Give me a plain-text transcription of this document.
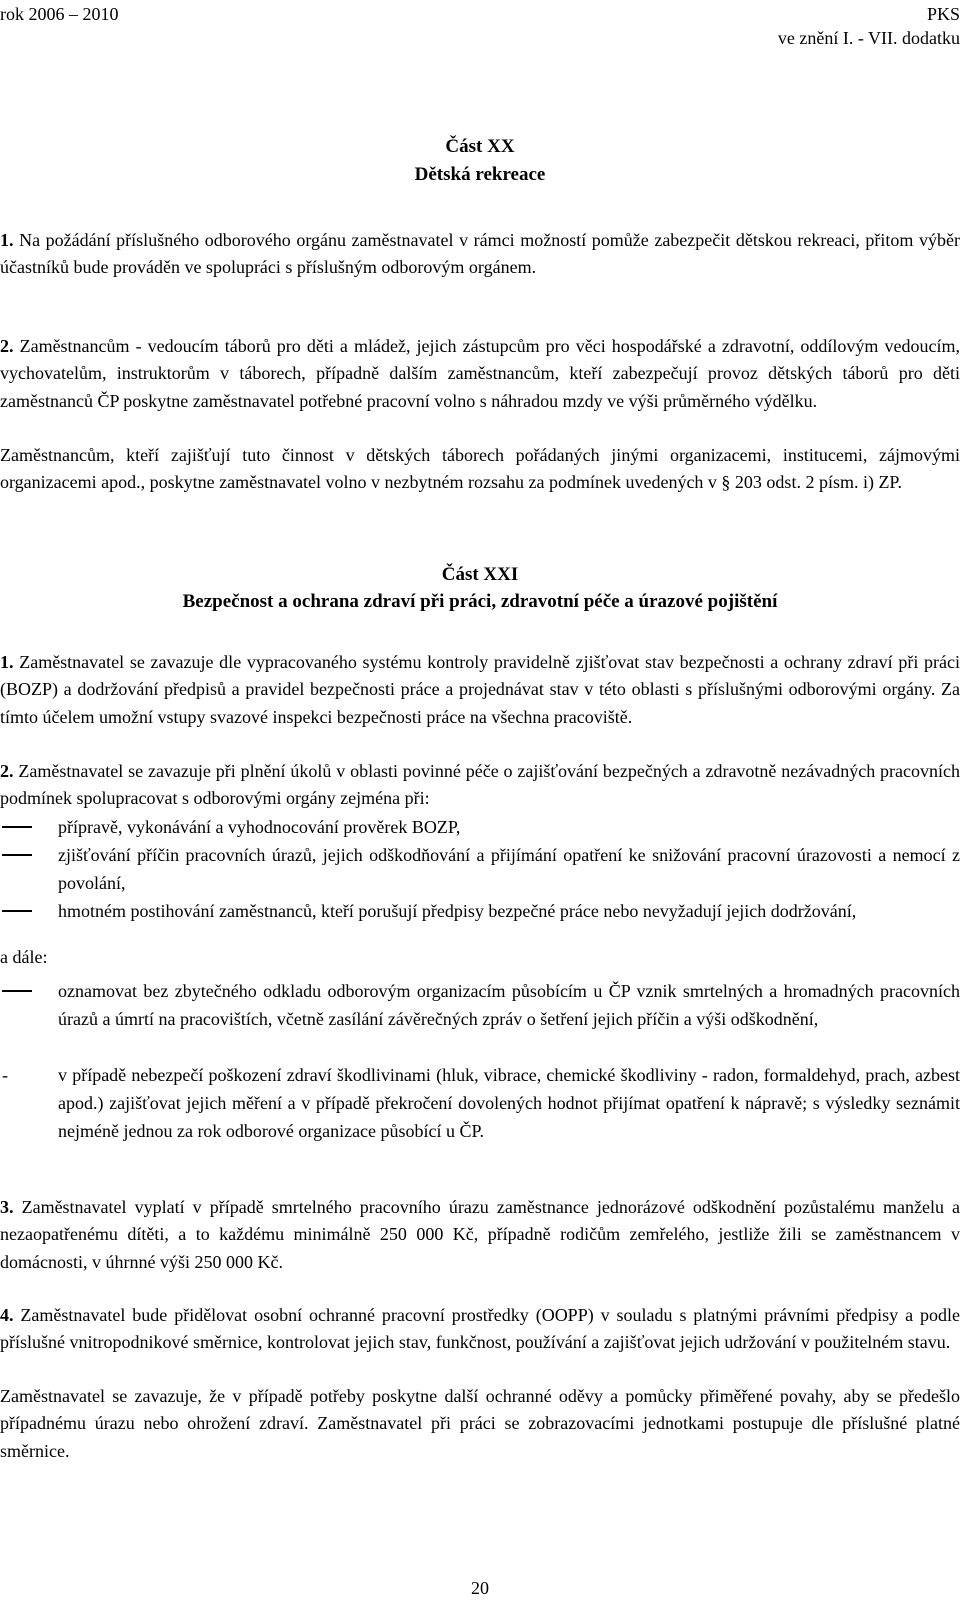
rok 2006 – 2010	PKS
ve znění I. - VII. dodatku
Část XX
Dětská rekreace
1. Na požádání příslušného odborového orgánu zaměstnavatel v rámci možností pomůže zabezpečit dětskou rekreaci, přitom výběr účastníků bude prováděn ve spolupráci s příslušným odborovým orgánem.
2. Zaměstnancům - vedoucím táborů pro děti a mládež, jejich zástupcům pro věci hospodářské a zdravotní, oddílovým vedoucím, vychovatelům, instruktorům v táborech, případně dalším zaměstnancům, kteří zabezpečují provoz dětských táborů pro děti zaměstnanců ČP poskytne zaměstnavatel potřebné pracovní volno s náhradou mzdy ve výši průměrného výdělku.
Zaměstnancům, kteří zajišťují tuto činnost v dětských táborech pořádaných jinými organizacemi, institucemi, zájmovými organizacemi apod., poskytne zaměstnavatel volno v nezbytném rozsahu za podmínek uvedených v § 203 odst. 2 písm. i) ZP.
Část XXI
Bezpečnost a ochrana zdraví při práci, zdravotní péče a úrazové pojištění
1. Zaměstnavatel se zavazuje dle vypracovaného systému kontroly pravidelně zjišťovat stav bezpečnosti a ochrany zdraví při práci (BOZP) a dodržování předpisů a pravidel bezpečnosti práce a projednávat stav v této oblasti s příslušnými odborovými orgány. Za tímto účelem umožní vstupy svazové inspekci bezpečnosti práce na všechna pracoviště.
2. Zaměstnavatel se zavazuje při plnění úkolů v oblasti povinné péče o zajišťování bezpečných a zdravotně nezávadných pracovních podmínek spolupracovat s odborovými orgány zejména při:
přípravě, vykonávání a vyhodnocování prověrek BOZP,
zjišťování příčin pracovních úrazů, jejich odškodňování a přijímání opatření ke snižování pracovní úrazovosti a nemocí z povolání,
hmotném postihování zaměstnanců, kteří porušují předpisy bezpečné práce nebo nevyžadují jejich dodržování,
a dále:
oznamovat bez zbytečného odkladu odborovým organizacím působícím u ČP vznik smrtelných a hromadných pracovních úrazů a úmrtí na pracovištích, včetně zasílání závěrečných zpráv o šetření jejich příčin a výši odškodnění,
-	v případě nebezpečí poškození zdraví škodlivinami (hluk, vibrace, chemické škodliviny - radon, formaldehyd, prach, azbest apod.) zajišťovat jejich měření a v případě překročení dovolených hodnot přijímat opatření k nápravě; s výsledky seznámit nejméně jednou za rok odborové organizace působící u ČP.
3. Zaměstnavatel vyplatí v případě smrtelného pracovního úrazu zaměstnance jednorázové odškodnění pozůstalému manželu a nezaopatřenému dítěti, a to každému minimálně 250 000 Kč, případně rodičům zemřelého, jestliže žili se zaměstnancem v domácnosti, v úhrnné výši 250 000 Kč.
4. Zaměstnavatel bude přidělovat osobní ochranné pracovní prostředky (OOPP) v souladu s platnými právními předpisy a podle příslušné vnitropodnikové směrnice, kontrolovat jejich stav, funkčnost, používání a zajišťovat jejich udržování v použitelném stavu.
Zaměstnavatel se zavazuje, že v případě potřeby poskytne další ochranné oděvy a pomůcky přiměřené povahy, aby se předešlo případnému úrazu nebo ohrožení zdraví. Zaměstnavatel při práci se zobrazovacími jednotkami postupuje dle příslušné platné směrnice.
20
